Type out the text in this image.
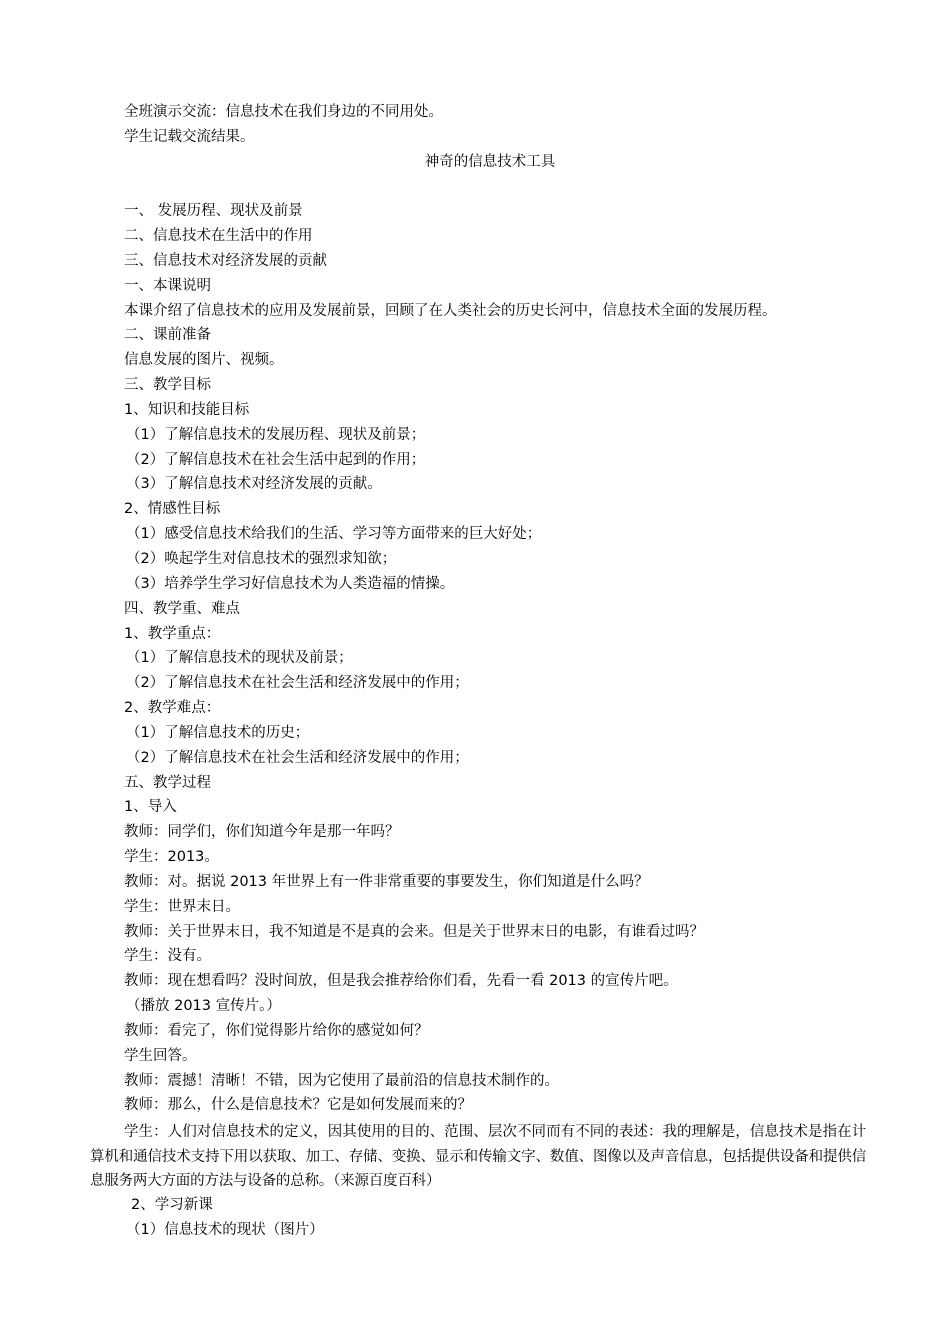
全班演示交流：信息技术在我们身边的不同用处。

学生记载交流结果。

神奇的信息技术工具

一、 发展历程、现状及前景

二、信息技术在生活中的作用

三、信息技术对经济发展的贡献

一、本课说明

本课介绍了信息技术的应用及发展前景，回顾了在人类社会的历史长河中，信息技术全面的发展历程。

二、课前准备

信息发展的图片、视频。

三、教学目标

1、知识和技能目标

（1）了解信息技术的发展历程、现状及前景；

（2）了解信息技术在社会生活中起到的作用；

（3）了解信息技术对经济发展的贡献。

2、情感性目标

（1）感受信息技术给我们的生活、学习等方面带来的巨大好处；

（2）唤起学生对信息技术的强烈求知欲；

（3）培养学生学习好信息技术为人类造福的情操。

四、教学重、难点

1、教学重点：

（1）了解信息技术的现状及前景；

（2）了解信息技术在社会生活和经济发展中的作用；

2、教学难点：

（1）了解信息技术的历史；

（2）了解信息技术在社会生活和经济发展中的作用；

五、教学过程

1、导入

教师：同学们，你们知道今年是那一年吗？

学生：2013。

教师：对。据说 2013 年世界上有一件非常重要的事要发生，你们知道是什么吗？

学生：世界末日。

教师：关于世界末日，我不知道是不是真的会来。但是关于世界末日的电影，有谁看过吗？

学生：没有。

教师：现在想看吗？没时间放，但是我会推荐给你们看，先看一看 2013 的宣传片吧。

（播放 2013 宣传片。）

教师：看完了，你们觉得影片给你的感觉如何？

学生回答。

教师：震撼！清晰！不错，因为它使用了最前沿的信息技术制作的。

教师：那么，什么是信息技术？它是如何发展而来的？

学生：人们对信息技术的定义，因其使用的目的、范围、层次不同而有不同的表述：我的理解是，信息技术是指在计算机和通信技术支持下用以获取、加工、存储、变换、显示和传输文字、数值、图像以及声音信息，包括提供设备和提供信息服务两大方面的方法与设备的总称。（来源百度百科）

2、学习新课

（1）信息技术的现状（图片）
